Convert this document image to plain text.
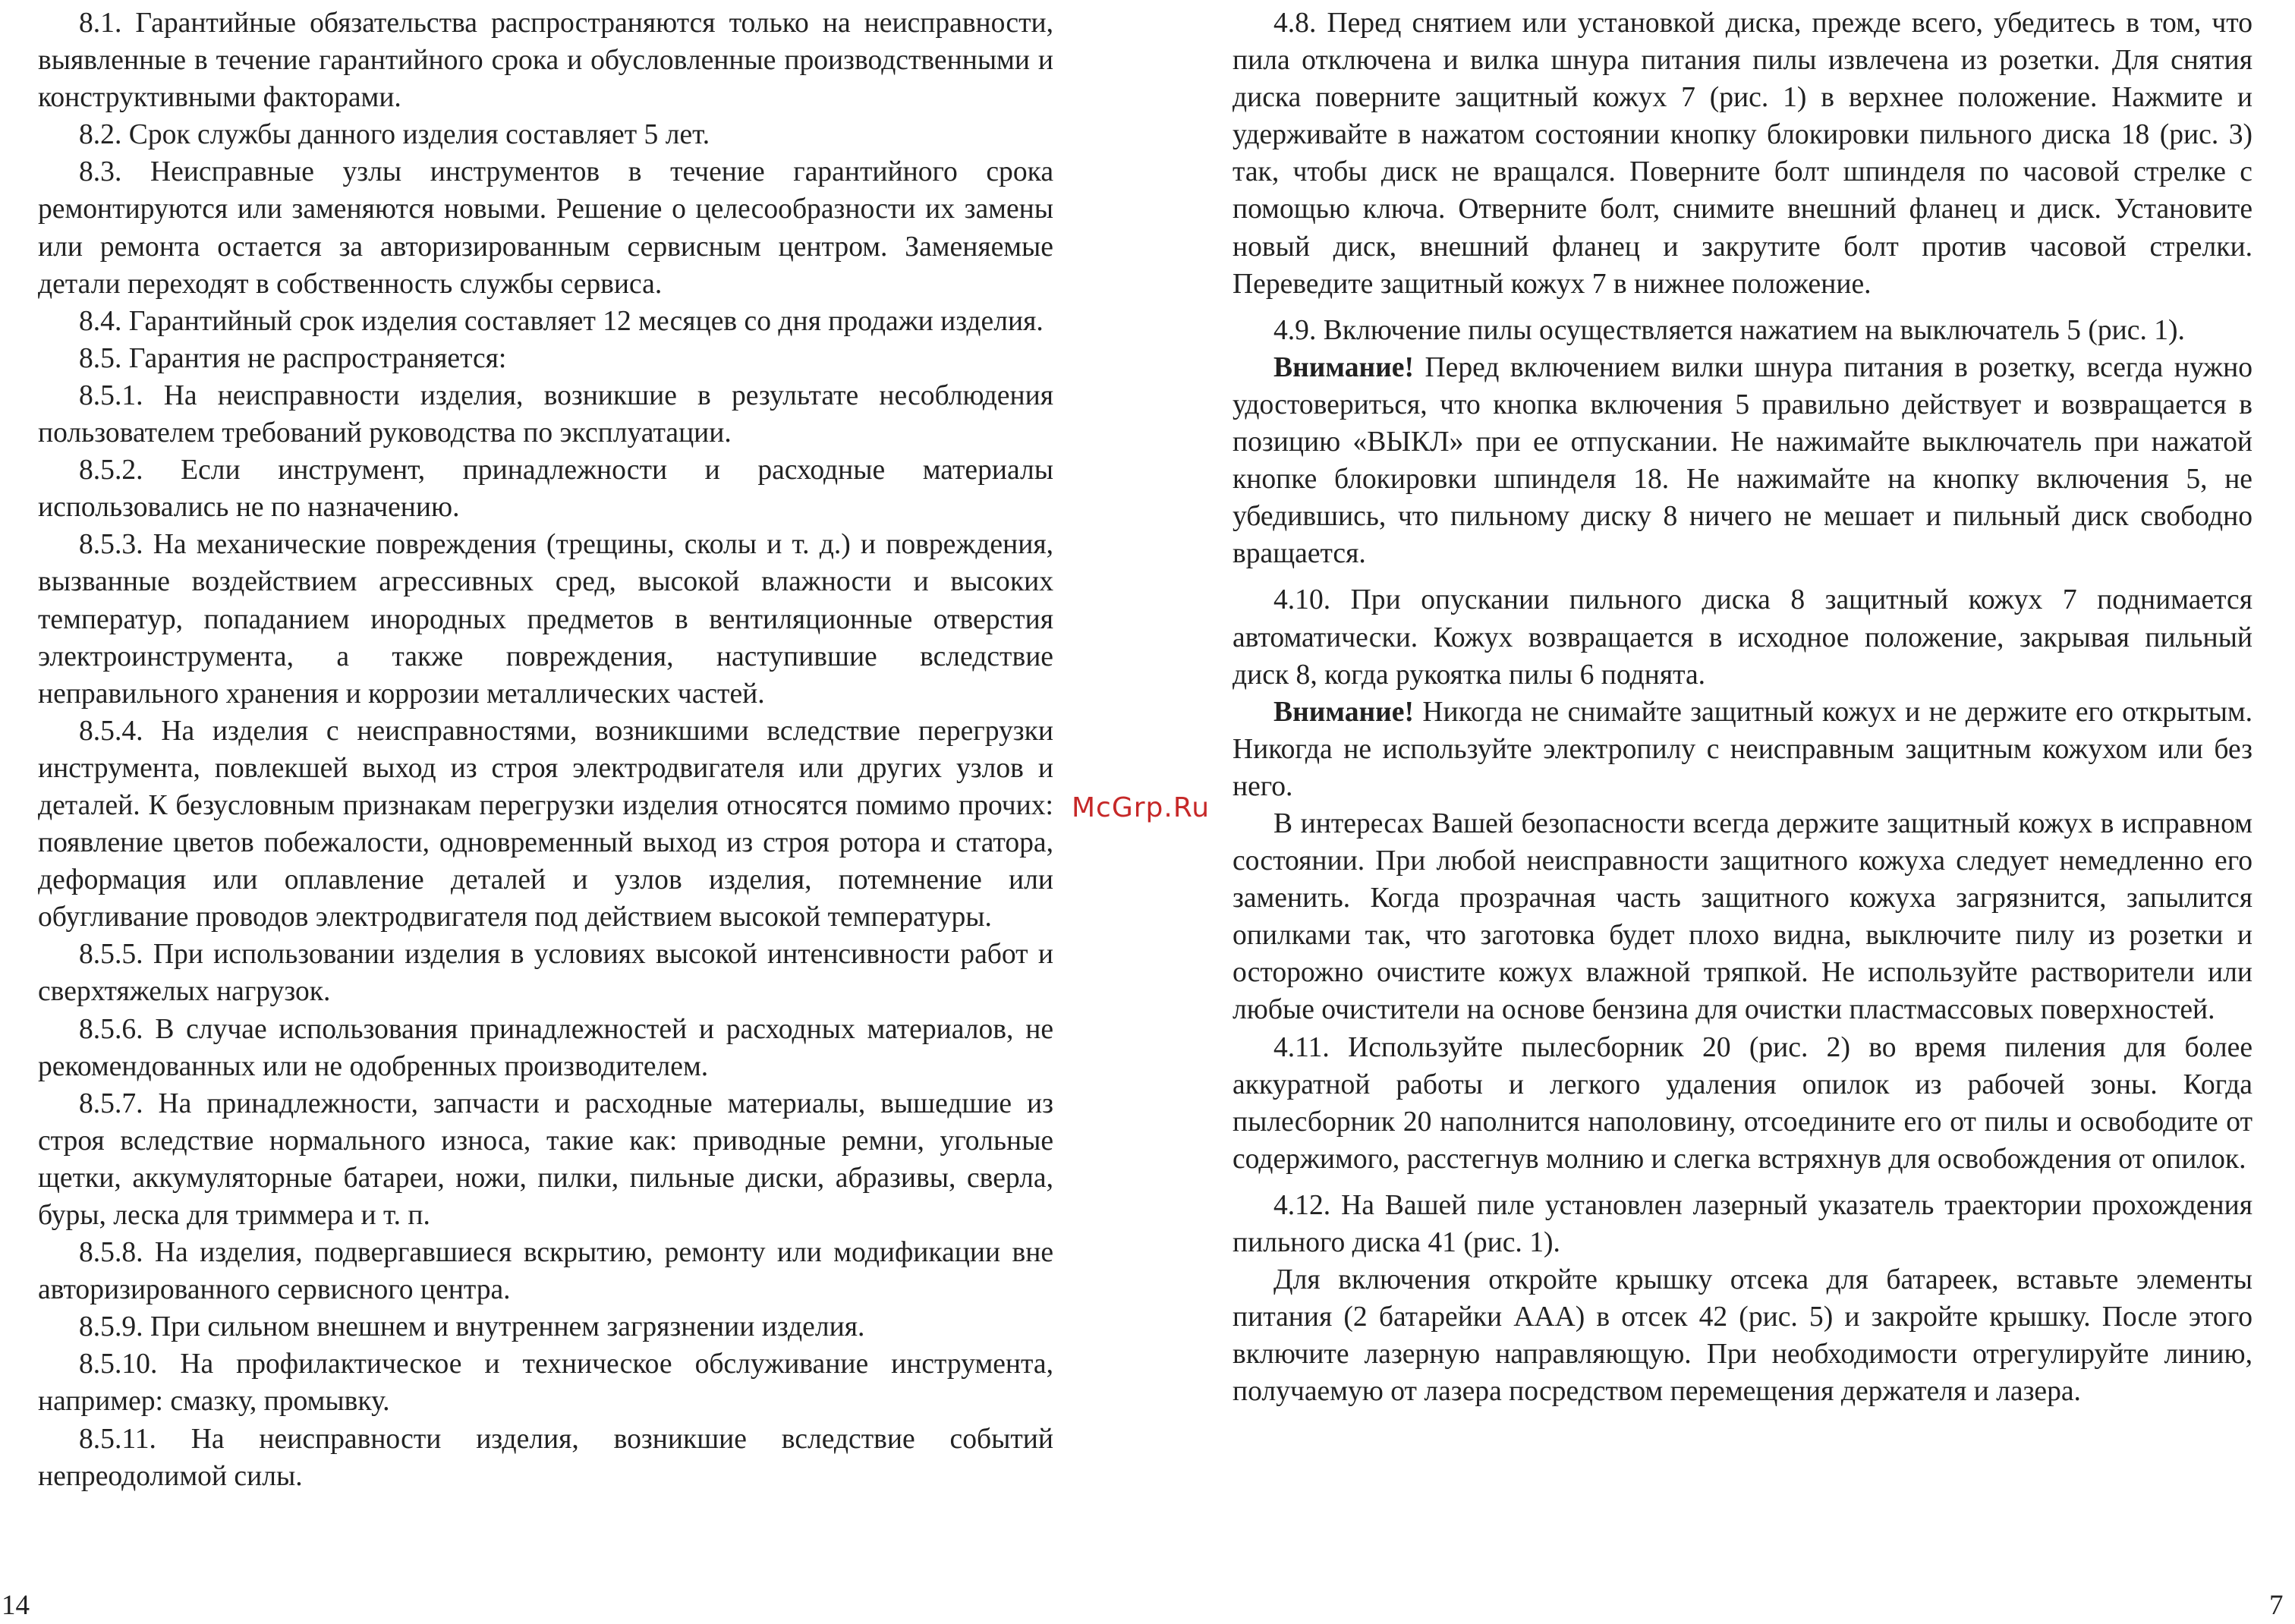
8.1. Гарантийные обязательства распространяются только на неисправности, выявленные в течение гарантийного срока и обусловленные производственными и конструктивными факторами.

8.2. Срок службы данного изделия составляет 5 лет.

8.3. Неисправные узлы инструментов в течение гарантийного срока ремонтируются или заменяются новыми. Решение о целесообразности их замены или ремонта остается за авторизированным сервисным центром. Заменяемые детали переходят в собственность службы сервиса.

8.4. Гарантийный срок изделия составляет 12 месяцев со дня продажи изделия.

8.5. Гарантия не распространяется:

8.5.1. На неисправности изделия, возникшие в результате несоблюдения пользователем требований руководства по эксплуатации.

8.5.2. Если инструмент, принадлежности и расходные материалы использовались не по назначению.

8.5.3. На механические повреждения (трещины, сколы и т. д.) и повреждения, вызванные воздействием агрессивных сред, высокой влажности и высоких температур, попаданием инородных предметов в вентиляционные отверстия электроинструмента, а также повреждения, наступившие вследствие неправильного хранения и коррозии металлических частей.

8.5.4. На изделия с неисправностями, возникшими вследствие перегрузки инструмента, повлекшей выход из строя электродвигателя или других узлов и деталей. К безусловным признакам перегрузки изделия относятся помимо прочих: появление цветов побежалости, одновременный выход из строя ротора и статора, деформация или оплавление деталей и узлов изделия, потемнение или обугливание проводов электродвигателя под действием высокой температуры.

8.5.5. При использовании изделия в условиях высокой интенсивности работ и сверхтяжелых нагрузок.

8.5.6. В случае использования принадлежностей и расходных материалов, не рекомендованных или не одобренных производителем.

8.5.7. На принадлежности, запчасти и расходные материалы, вышедшие из строя вследствие нормального износа, такие как: приводные ремни, угольные щетки, аккумуляторные батареи, ножи, пилки, пильные диски, абразивы, сверла, буры, леска для триммера и т. п.

8.5.8. На изделия, подвергавшиеся вскрытию, ремонту или модификации вне авторизированного сервисного центра.

8.5.9. При сильном внешнем и внутреннем загрязнении изделия.

8.5.10. На профилактическое и техническое обслуживание инструмента, например: смазку, промывку.

8.5.11. На неисправности изделия, возникшие вследствие событий непреодолимой силы.

McGrp.Ru

4.8. Перед снятием или установкой диска, прежде всего, убедитесь в том, что пила отключена и вилка шнура питания пилы извлечена из розетки. Для снятия диска поверните защитный кожух 7 (рис. 1) в верхнее положение. Нажмите и удерживайте в нажатом состоянии кнопку блокировки пильного диска 18 (рис. 3) так, чтобы диск не вращался. Поверните болт шпинделя по часовой стрелке с помощью ключа. Отверните болт, снимите внешний фланец и диск. Установите новый диск, внешний фланец и закрутите болт против часовой стрелки. Переведите защитный кожух 7 в нижнее положение.

4.9. Включение пилы осуществляется нажатием на выключатель 5 (рис. 1).

Внимание! Перед включением вилки шнура питания в розетку, всегда нужно удостовериться, что кнопка включения 5 правильно действует и возвращается в позицию «ВЫКЛ» при ее отпускании. Не нажимайте выключатель при нажатой кнопке блокировки шпинделя 18. Не нажимайте на кнопку включения 5, не убедившись, что пильному диску 8 ничего не мешает и пильный диск свободно вращается.

4.10. При опускании пильного диска 8 защитный кожух 7 поднимается автоматически. Кожух возвращается в исходное положение, закрывая пильный диск 8, когда рукоятка пилы 6 поднята.

Внимание! Никогда не снимайте защитный кожух и не держите его открытым. Никогда не используйте электропилу с неисправным защитным кожухом или без него.

В интересах Вашей безопасности всегда держите защитный кожух в исправном состоянии. При любой неисправности защитного кожуха следует немедленно его заменить. Когда прозрачная часть защитного кожуха загрязнится, запылится опилками так, что заготовка будет плохо видна, выключите пилу из розетки и осторожно очистите кожух влажной тряпкой. Не используйте растворители или любые очистители на основе бензина для очистки пластмассовых поверхностей.

4.11. Используйте пылесборник 20 (рис. 2) во время пиления для более аккуратной работы и легкого удаления опилок из рабочей зоны. Когда пылесборник 20 наполнится наполовину, отсоедините его от пилы и освободите от содержимого, расстегнув молнию и слегка встряхнув для освобождения от опилок.

4.12. На Вашей пиле установлен лазерный указатель траектории прохождения пильного диска 41 (рис. 1).

Для включения откройте крышку отсека для батареек, вставьте элементы питания (2 батарейки ААА) в отсек 42 (рис. 5) и закройте крышку. После этого включите лазерную направляющую. При необходимости отрегулируйте линию, получаемую от лазера посредством перемещения держателя и лазера.

14	7
